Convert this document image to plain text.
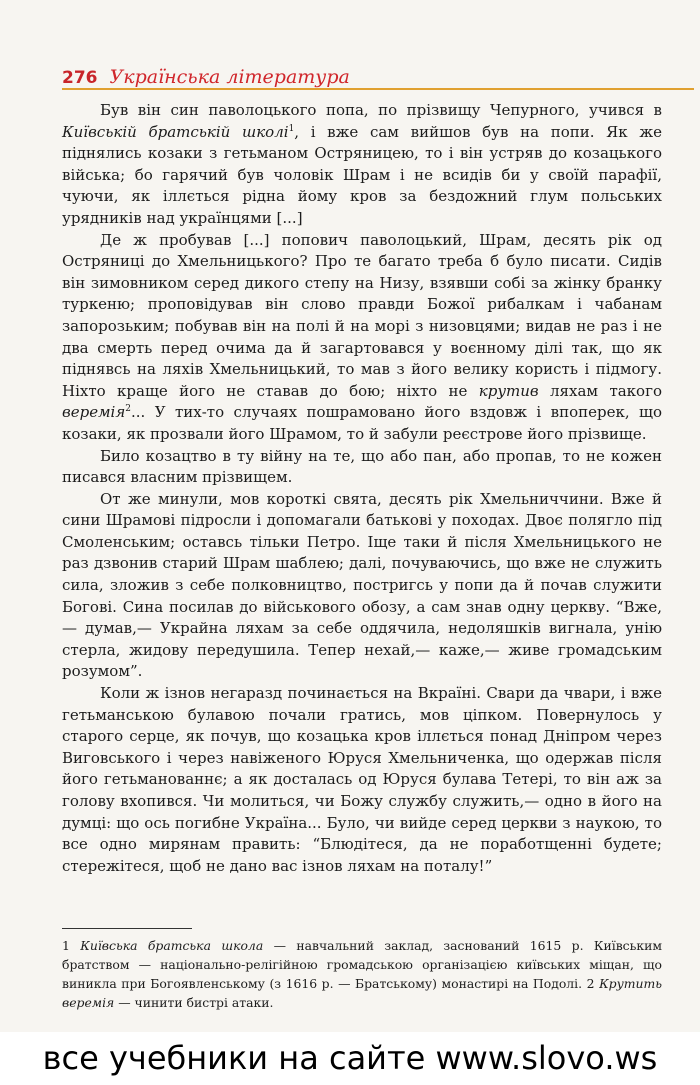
276 Українська література

Був він син паволоцького попа, по прізвищу Чепурного, учився в Київській братській школі$^1$, і вже сам вийшов був на попи. Як же піднялись козаки з гетьманом Остряницею, то і він устряв до козацького війська; бо гарячий був чоловік Шрам і не всидів би у своїй парафії, чуючи, як іллється рідна йому кров за бездожний глум польських урядників над українцями [...]

Де ж пробував [...] попович паволоцький, Шрам, десять рік од Остряниці до Хмельницького? Про те багато треба б було писати. Сидів він зимовником серед дикого степу на Низу, взявши собі за жінку бранку туркеню; проповідував він слово правди Божої рибалкам і чабанам запорозьким; побував він на полі й на морі з низовцями; видав не раз і не два смерть перед очима да й загартовався у воєнному ділі так, що як піднявсь на ляхів Хмельницький, то мав з його велику користь і підмогу. Ніхто краще його не ставав до бою; ніхто не крутив ляхам такого веремія$^2$... У тих-то случаях пошрамовано його вздовж і впоперек, що козаки, як прозвали його Шрамом, то й забули реєстрове його прізвище.

Било козацтво в ту війну на те, що або пан, або пропав, то не кожен писався власним прізвищем.

От же минули, мов короткі свята, десять рік Хмельниччини. Вже й сини Шрамові підросли і допомагали батькові у походах. Двоє полягло під Смоленським; оставсь тільки Петро. Іще таки й після Хмельницького не раз дзвонив старий Шрам шаблею; далі, почуваючись, що вже не служить сила, зложив з себе полковництво, постригсь у попи да й почав служити Богові. Сина посилав до військового обозу, а сам знав одну церкву. “Вже,— думав,— Украйна ляхам за себе оддячила, недоляшків вигнала, унію стерла, жидову передушила. Тепер нехай,— каже,— живе громадським розумом”.

Коли ж ізнов негаразд починається на Вкраїні. Свари да чвари, і вже гетьманською булавою почали гратись, мов ціпком. Повернулось у старого серце, як почув, що козацька кров іллється понад Дніпром через Виговського і через навіженого Юруся Хмельниченка, що одержав після його гетьманованнє; а як досталась од Юруся булава Тетері, то він аж за голову вхопився. Чи молиться, чи Божу службу служить,— одно в його на думці: що ось погибне Україна... Було, чи вийде серед церкви з наукою, то все одно мирянам править: “Блюдітеся, да не поработщенні будете; стережітеся, щоб не дано вас ізнов ляхам на поталу!”

1 Київська братська школа — навчальний заклад, заснований 1615 р. Київським братством — національно-релігійною громадською організацією київських міщан, що виникла при Богоявленському (з 1616 р. — Братському) монастирі на Подолі. 2 Крутить веремія — чинити бистрі атаки.
все учебники на сайте www.slovo.ws
